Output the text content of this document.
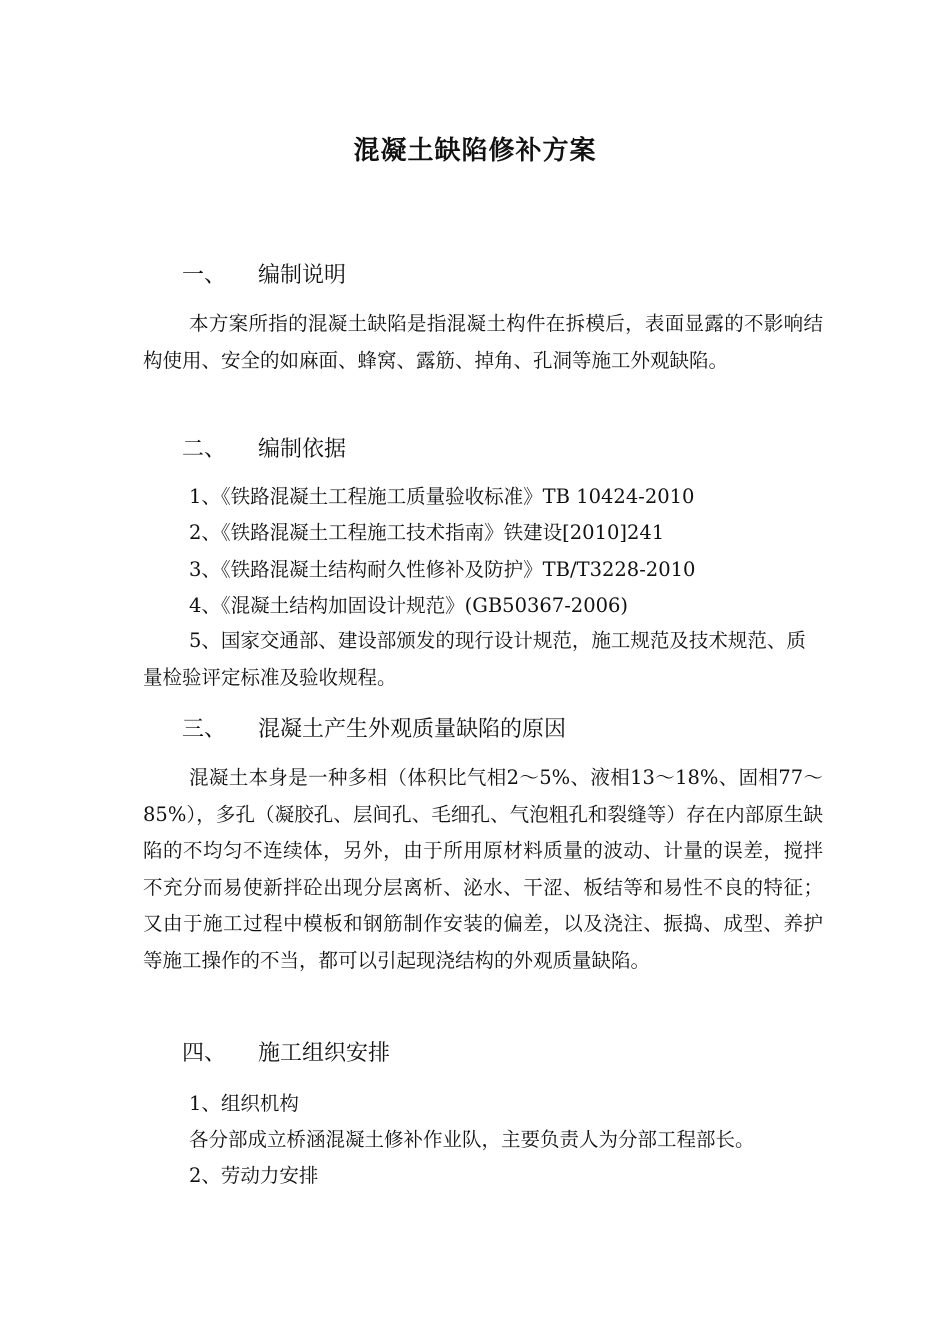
混凝土缺陷修补方案
一、 编制说明
本方案所指的混凝土缺陷是指混凝土构件在拆模后，表面显露的不影响结构使用、安全的如麻面、蜂窝、露筋、掉角、孔洞等施工外观缺陷。
二、 编制依据
1、《铁路混凝土工程施工质量验收标准》TB 10424-2010
2、《铁路混凝土工程施工技术指南》铁建设[2010]241
3、《铁路混凝土结构耐久性修补及防护》TB/T3228-2010
4、《混凝土结构加固设计规范》(GB50367-2006)
5、国家交通部、建设部颁发的现行设计规范，施工规范及技术规范、质量检验评定标准及验收规程。
三、 混凝土产生外观质量缺陷的原因
混凝土本身是一种多相（体积比气相2～5%、液相13～18%、固相77～85%），多孔（凝胶孔、层间孔、毛细孔、气泡粗孔和裂缝等）存在内部原生缺陷的不均匀不连续体，另外，由于所用原材料质量的波动、计量的误差，搅拌不充分而易使新拌砼出现分层离析、泌水、干涩、板结等和易性不良的特征；又由于施工过程中模板和钢筋制作安装的偏差，以及浇注、振捣、成型、养护等施工操作的不当，都可以引起现浇结构的外观质量缺陷。
四、 施工组织安排
1、组织机构
各分部成立桥涵混凝土修补作业队，主要负责人为分部工程部长。
2、劳动力安排
